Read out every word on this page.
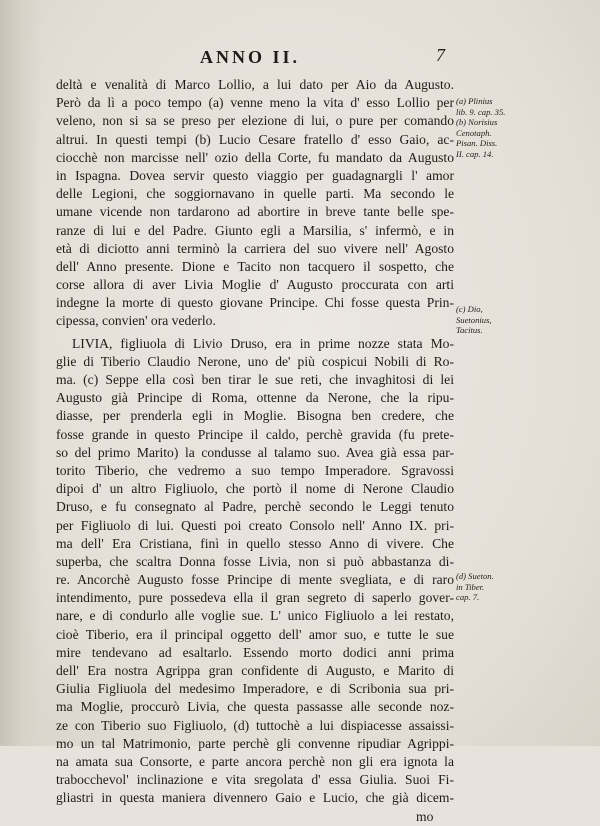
ANNO II.	7
deltà e venalità di Marco Lollio, a lui dato per Aio da Augusto.
Però da lì a poco tempo (a) venne meno la vita d' esso Lollio per
veleno, non si sa se preso per elezione di lui, o pure per comando
altrui. In questi tempi (b) Lucio Cesare fratello d' esso Gaio, ac-
ciocchè non marcisse nell' ozio della Corte, fu mandato da Augusto
in Ispagna. Dovea servir questo viaggio per guadagnargli l' amor
delle Legioni, che soggiornavano in quelle parti. Ma secondo le
umane vicende non tardarono ad abortire in breve tante belle spe-
ranze di lui e del Padre. Giunto egli a Marsilia, s' infermò, e in
età di diciotto anni terminò la carriera del suo vivere nell' Agosto
dell' Anno presente. Dione e Tacito non tacquero il sospetto, che
corse allora di aver Livia Moglie d' Augusto proccurata con arti
indegne la morte di questo giovane Principe. Chi fosse questa Prin-
cipessa, convien' ora vederlo.
LIVIA, figliuola di Livio Druso, era in prime nozze stata Mo-
glie di Tiberio Claudio Nerone, uno de' più cospicui Nobili di Ro-
ma. (c) Seppe ella così ben tirar le sue reti, che invaghitosi di lei
Augusto già Principe di Roma, ottenne da Nerone, che la ripu-
diasse, per prenderla egli in Moglie. Bisogna ben credere, che
fosse grande in questo Principe il caldo, perchè gravida (fu prete-
so del primo Marito) la condusse al talamo suo. Avea già essa par-
torito Tiberio, che vedremo a suo tempo Imperadore. Sgravossi
dipoi d' un altro Figliuolo, che portò il nome di Nerone Claudio
Druso, e fu consegnato al Padre, perchè secondo le Leggi tenuto
per Figliuolo di lui. Questi poi creato Consolo nell' Anno IX. pri-
ma dell' Era Cristiana, finì in quello stesso Anno di vivere. Che
superba, che scaltra Donna fosse Livia, non si può abbastanza di-
re. Ancorchè Augusto fosse Principe di mente svegliata, e di raro
intendimento, pure possedeva ella il gran segreto di saperlo gover-
nare, e di condurlo alle voglie sue. L' unico Figliuolo a lei restato,
cioè Tiberio, era il principal oggetto dell' amor suo, e tutte le sue
mire tendevano ad esaltarlo. Essendo morto dodici anni prima
dell' Era nostra Agrippa gran confidente di Augusto, e Marito di
Giulia Figliuola del medesimo Imperadore, e di Scribonia sua pri-
ma Moglie, proccurò Livia, che questa passasse alle seconde noz-
ze con Tiberio suo Figliuolo, (d) tuttochè a lui dispiacesse assaissi-
mo un tal Matrimonio, parte perchè gli convenne ripudiar Agrippi-
na amata sua Consorte, e parte ancora perchè non gli era ignota la
trabocchevol' inclinazione e vita sregolata d' essa Giulia. Suoi Fi-
gliastri in questa maniera divennero Gaio e Lucio, che già dicem-
mo
(a) Plinius
lib. 9. cap. 35.
(b) Norisius
Cenotaph.
Pisan. Diss.
II. cap. 14.
(c) Dio,
Suetonius,
Tacitus.
(d) Sueton.
in Tiber.
cap. 7.
